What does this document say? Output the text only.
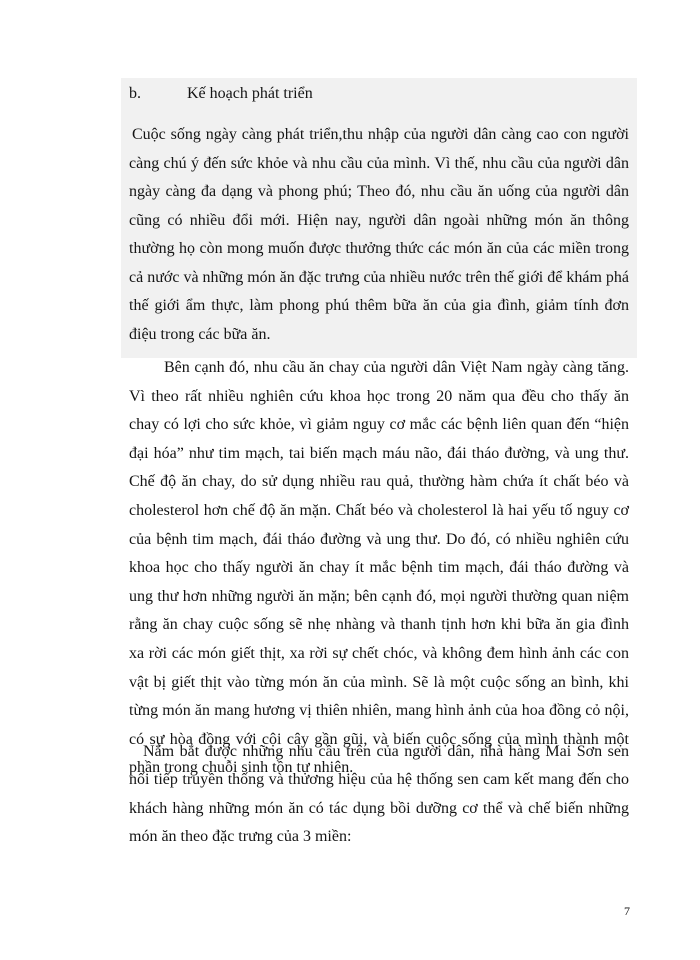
b.	Kế hoạch phát triển

Cuộc sống ngày càng phát triển,thu nhập của người dân càng cao con người càng chú ý đến sức khỏe và nhu cầu của mình. Vì thế, nhu cầu của người dân ngày càng đa dạng và phong phú; Theo đó, nhu cầu ăn uống của người dân cũng có nhiều đổi mới. Hiện nay, người dân ngoài những món ăn thông thường họ còn mong muốn được thưởng thức các món ăn của các miền trong cả nước và những món ăn đặc trưng của nhiều nước trên thế giới để khám phá thế giới ẩm thực, làm phong phú thêm bữa ăn của gia đình, giảm tính đơn điệu trong các bữa ăn.

Bên cạnh đó, nhu cầu ăn chay của người dân Việt Nam ngày càng tăng. Vì theo rất nhiều nghiên cứu khoa học trong 20 năm qua đều cho thấy ăn chay có lợi cho sức khỏe, vì giảm nguy cơ mắc các bệnh liên quan đến “hiện đại hóa” như tim mạch, tai biến mạch máu não, đái tháo đường, và ung thư. Chế độ ăn chay, do sử dụng nhiều rau quả, thường hàm chứa ít chất béo và cholesterol hơn chế độ ăn mặn. Chất béo và cholesterol là hai yếu tố nguy cơ của bệnh tim mạch, đái tháo đường và ung thư. Do đó, có nhiều nghiên cứu khoa học cho thấy người ăn chay ít mắc bệnh tim mạch, đái tháo đường và ung thư hơn những người ăn mặn; bên cạnh đó, mọi người thường quan niệm rằng ăn chay cuộc sống sẽ nhẹ nhàng và thanh tịnh hơn khi bữa ăn gia đình xa rời các món giết thịt, xa rời sự chết chóc, và không đem hình ảnh các con vật bị giết thịt vào từng món ăn của mình. Sẽ là một cuộc sống an bình, khi từng món ăn mang hương vị thiên nhiên, mang hình ảnh của hoa đồng cỏ nội, có sự hòa đồng với cội cây gần gũi, và biến cuộc sống của mình thành một phần trong chuỗi sinh tồn tự nhiên.

Nắm bắt được những nhu cầu trên của người dân, nhà hàng Mai Sơn sen nối tiếp truyền thống và thương hiệu của hệ thống sen cam kết mang đến cho khách hàng những món ăn có tác dụng bồi dưỡng cơ thể và chế biến những món ăn theo đặc trưng của 3 miền:

7
